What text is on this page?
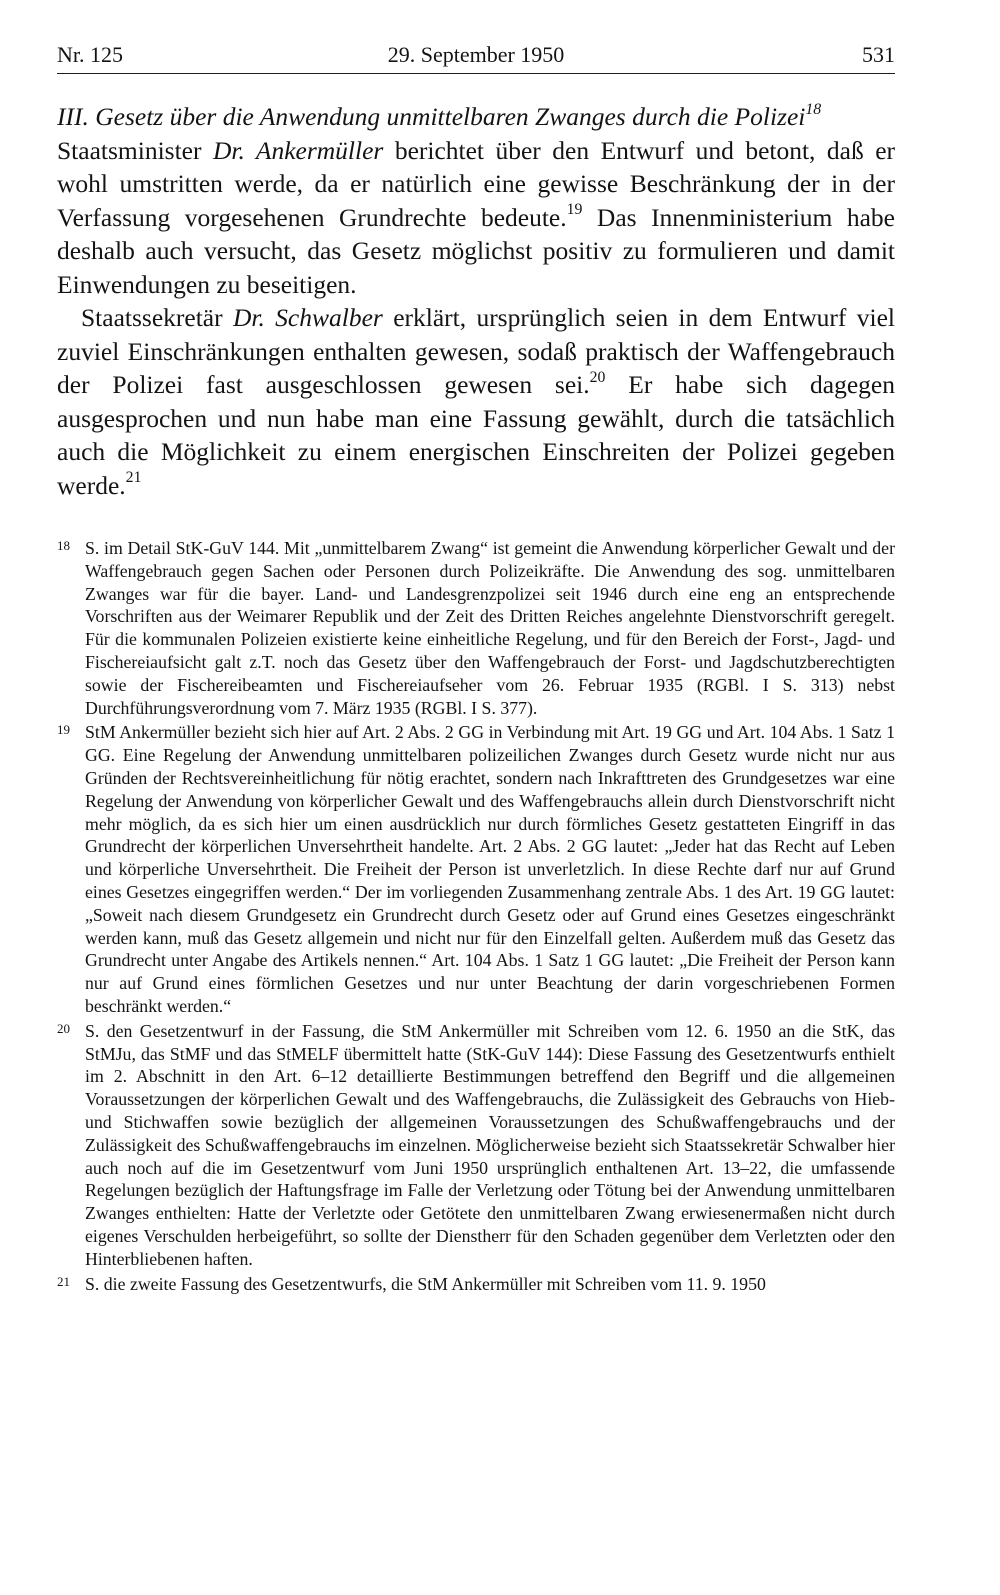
Nr. 125	29. September 1950	531

III. Gesetz über die Anwendung unmittelbaren Zwanges durch die Polizei$^{18}$

Staatsminister Dr. Ankermüller berichtet über den Entwurf und betont, daß er wohl umstritten werde, da er natürlich eine gewisse Beschränkung der in der Verfassung vorgesehenen Grundrechte bedeute.$^{19}$ Das Innenministerium habe deshalb auch versucht, das Gesetz möglichst positiv zu formulieren und damit Einwendungen zu beseitigen.

Staatssekretär Dr. Schwalber erklärt, ursprünglich seien in dem Entwurf viel zuviel Einschränkungen enthalten gewesen, sodaß praktisch der Waffengebrauch der Polizei fast ausgeschlossen gewesen sei.$^{20}$ Er habe sich dagegen ausgesprochen und nun habe man eine Fassung gewählt, durch die tatsächlich auch die Möglichkeit zu einem energischen Einschreiten der Polizei gegeben werde.$^{21}$

18 S. im Detail StK-GuV 144. Mit „unmittelbarem Zwang“ ist gemeint die Anwendung körperlicher Gewalt und der Waffengebrauch gegen Sachen oder Personen durch Polizeikräfte. Die Anwendung des sog. unmittelbaren Zwanges war für die bayer. Land- und Landesgrenzpolizei seit 1946 durch eine eng an entsprechende Vorschriften aus der Weimarer Republik und der Zeit des Dritten Reiches angelehnte Dienstvorschrift geregelt. Für die kommunalen Polizeien existierte keine einheitliche Regelung, und für den Bereich der Forst-, Jagd- und Fischereiaufsicht galt z.T. noch das Gesetz über den Waffengebrauch der Forst- und Jagdschutzberechtigten sowie der Fischereibeamten und Fischereiaufseher vom 26. Februar 1935 (RGBl. I S. 313) nebst Durchführungsverordnung vom 7. März 1935 (RGBl. I S. 377).
19 StM Ankermüller bezieht sich hier auf Art. 2 Abs. 2 GG in Verbindung mit Art. 19 GG und Art. 104 Abs. 1 Satz 1 GG. Eine Regelung der Anwendung unmittelbaren polizeilichen Zwanges durch Gesetz wurde nicht nur aus Gründen der Rechtsvereinheitlichung für nötig erachtet, sondern nach Inkrafttreten des Grundgesetzes war eine Regelung der Anwendung von körperlicher Gewalt und des Waffengebrauchs allein durch Dienstvorschrift nicht mehr möglich, da es sich hier um einen ausdrücklich nur durch förmliches Gesetz gestatteten Eingriff in das Grundrecht der körperlichen Unversehrtheit handelte. Art. 2 Abs. 2 GG lautet: „Jeder hat das Recht auf Leben und körperliche Unversehrtheit. Die Freiheit der Person ist unverletzlich. In diese Rechte darf nur auf Grund eines Gesetzes eingegriffen werden.“ Der im vorliegenden Zusammenhang zentrale Abs. 1 des Art. 19 GG lautet: „Soweit nach diesem Grundgesetz ein Grundrecht durch Gesetz oder auf Grund eines Gesetzes eingeschränkt werden kann, muß das Gesetz allgemein und nicht nur für den Einzelfall gelten. Außerdem muß das Gesetz das Grundrecht unter Angabe des Artikels nennen.“ Art. 104 Abs. 1 Satz 1 GG lautet: „Die Freiheit der Person kann nur auf Grund eines förmlichen Gesetzes und nur unter Beachtung der darin vorgeschriebenen Formen beschränkt werden.“
20 S. den Gesetzentwurf in der Fassung, die StM Ankermüller mit Schreiben vom 12. 6. 1950 an die StK, das StMJu, das StMF und das StMELF übermittelt hatte (StK-GuV 144): Diese Fassung des Gesetzentwurfs enthielt im 2. Abschnitt in den Art. 6–12 detaillierte Bestimmungen betreffend den Begriff und die allgemeinen Voraussetzungen der körperlichen Gewalt und des Waffengebrauchs, die Zulässigkeit des Gebrauchs von Hieb- und Stichwaffen sowie bezüglich der allgemeinen Voraussetzungen des Schußwaffengebrauchs und der Zulässigkeit des Schußwaffengebrauchs im einzelnen. Möglicherweise bezieht sich Staatssekretär Schwalber hier auch noch auf die im Gesetzentwurf vom Juni 1950 ursprünglich enthaltenen Art. 13–22, die umfassende Regelungen bezüglich der Haftungsfrage im Falle der Verletzung oder Tötung bei der Anwendung unmittelbaren Zwanges enthielten: Hatte der Verletzte oder Getötete den unmittelbaren Zwang erwiesenermaßen nicht durch eigenes Verschulden herbeigeführt, so sollte der Dienstherr für den Schaden gegenüber dem Verletzten oder den Hinterbliebenen haften.
21 S. die zweite Fassung des Gesetzentwurfs, die StM Ankermüller mit Schreiben vom 11. 9. 1950
